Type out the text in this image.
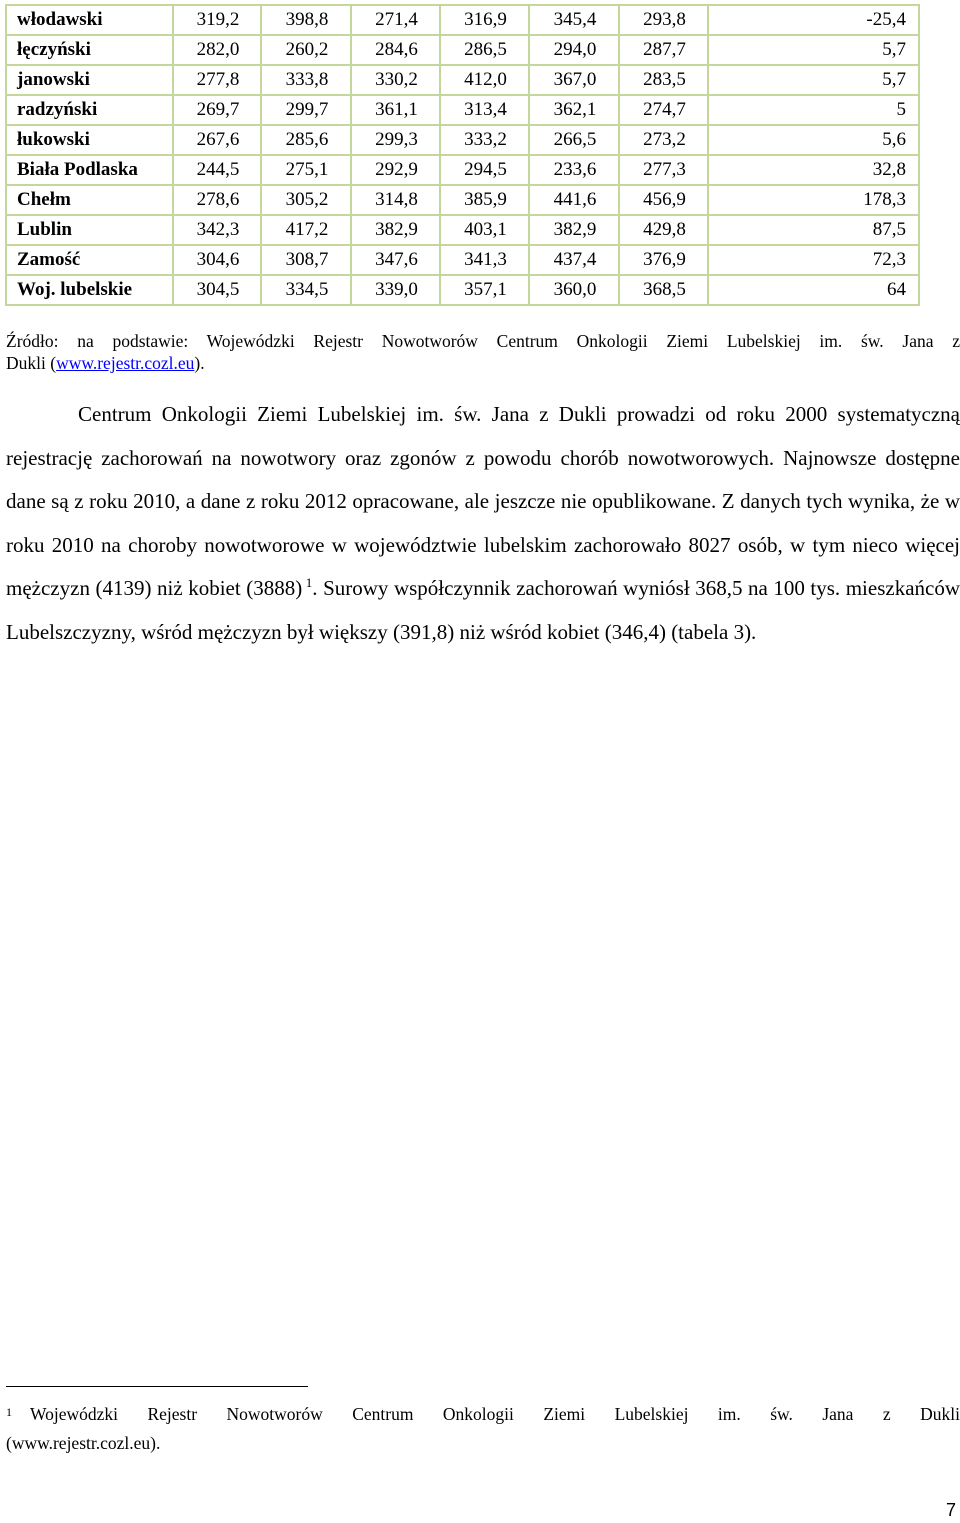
włodawski	319,2	398,8	271,4	316,9	345,4	293,8	-25,4
łęczyński	282,0	260,2	284,6	286,5	294,0	287,7	5,7
janowski	277,8	333,8	330,2	412,0	367,0	283,5	5,7
radzyński	269,7	299,7	361,1	313,4	362,1	274,7	5
łukowski	267,6	285,6	299,3	333,2	266,5	273,2	5,6
Biała Podlaska	244,5	275,1	292,9	294,5	233,6	277,3	32,8
Chełm	278,6	305,2	314,8	385,9	441,6	456,9	178,3
Lublin	342,3	417,2	382,9	403,1	382,9	429,8	87,5
Zamość	304,6	308,7	347,6	341,3	437,4	376,9	72,3
Woj. lubelskie	304,5	334,5	339,0	357,1	360,0	368,5	64
Źródło: na podstawie: Wojewódzki Rejestr Nowotworów Centrum Onkologii Ziemi Lubelskiej im. św. Jana z
Dukli (www.rejestr.cozl.eu).
Centrum Onkologii Ziemi Lubelskiej im. św. Jana z Dukli prowadzi od roku 2000 systematyczną rejestrację zachorowań na nowotwory oraz zgonów z powodu chorób nowotworowych. Najnowsze dostępne dane są z roku 2010, a dane z roku 2012 opracowane, ale jeszcze nie opublikowane. Z danych tych wynika, że w roku 2010 na choroby nowotworowe w województwie lubelskim zachorowało 8027 osób, w tym nieco więcej mężczyzn (4139) niż kobiet (3888) $^1$. Surowy współczynnik zachorowań wyniósł 368,5 na 100 tys. mieszkańców Lubelszczyzny, wśród mężczyzn był większy (391,8) niż wśród kobiet (346,4) (tabela 3).
$^1$ Wojewódzki Rejestr Nowotworów Centrum Onkologii Ziemi Lubelskiej im. św. Jana z Dukli
(www.rejestr.cozl.eu).
7
